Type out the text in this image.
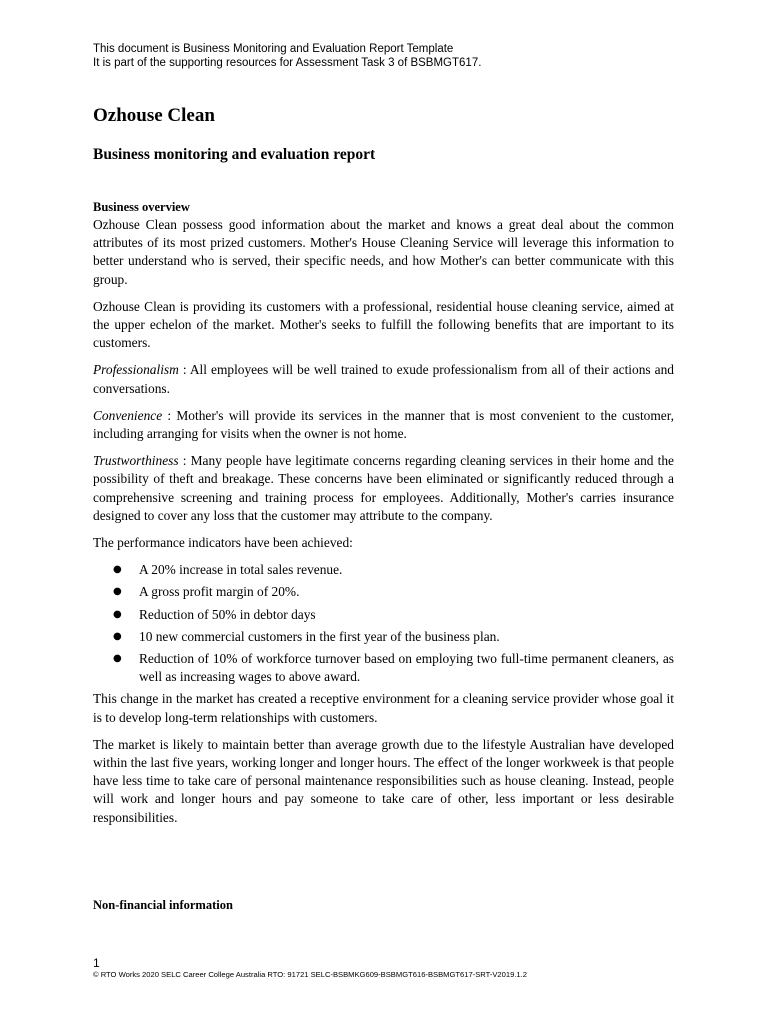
This document is Business Monitoring and Evaluation Report Template
It is part of the supporting resources for Assessment Task 3 of BSBMGT617.
Ozhouse Clean
Business monitoring and evaluation report
Business overview

Ozhouse Clean possess good information about the market and knows a great deal about the common attributes of its most prized customers. Mother's House Cleaning Service will leverage this information to better understand who is served, their specific needs, and how Mother's can better communicate with this group.

Ozhouse Clean is providing its customers with a professional, residential house cleaning service, aimed at the upper echelon of the market. Mother's seeks to fulfill the following benefits that are important to its customers.

Professionalism : All employees will be well trained to exude professionalism from all of their actions and conversations.

Convenience : Mother's will provide its services in the manner that is most convenient to the customer, including arranging for visits when the owner is not home.

Trustworthiness : Many people have legitimate concerns regarding cleaning services in their home and the possibility of theft and breakage. These concerns have been eliminated or significantly reduced through a comprehensive screening and training process for employees. Additionally, Mother's carries insurance designed to cover any loss that the customer may attribute to the company.

The performance indicators have been achieved:

● A 20% increase in total sales revenue.
● A gross profit margin of 20%.
● Reduction of 50% in debtor days
● 10 new commercial customers in the first year of the business plan.
● Reduction of 10% of workforce turnover based on employing two full-time permanent cleaners, as well as increasing wages to above award.

This change in the market has created a receptive environment for a cleaning service provider whose goal it is to develop long-term relationships with customers.

The market is likely to maintain better than average growth due to the lifestyle Australian have developed within the last five years, working longer and longer hours. The effect of the longer workweek is that people have less time to take care of personal maintenance responsibilities such as house cleaning. Instead, people will work and longer hours and pay someone to take care of other, less important or less desirable responsibilities.

Non-financial information
1
© RTO Works 2020 SELC Career College Australia RTO: 91721 SELC-BSBMKG609-BSBMGT616-BSBMGT617-SRT-V2019.1.2
